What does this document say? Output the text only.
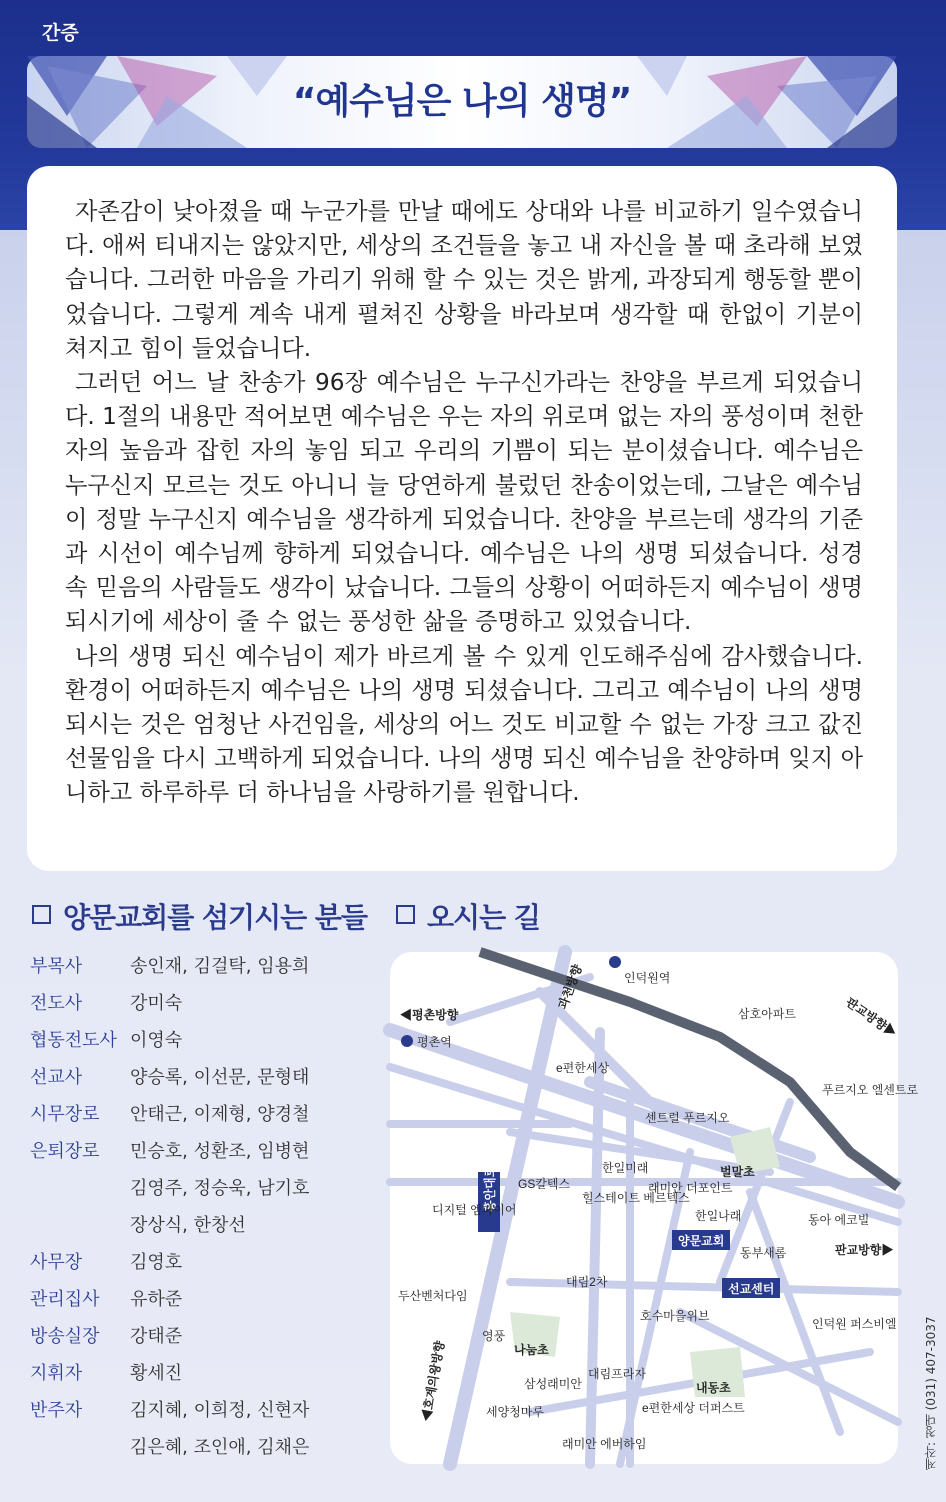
간증
“예수님은 나의 생명”

자존감이 낮아졌을 때 누군가를 만날 때에도 상대와 나를 비교하기 일수였습니다. 애써 티내지는 않았지만, 세상의 조건들을 놓고 내 자신을 볼 때 초라해 보였습니다. 그러한 마음을 가리기 위해 할 수 있는 것은 밝게, 과장되게 행동할 뿐이었습니다. 그렇게 계속 내게 펼쳐진 상황을 바라보며 생각할 때 한없이 기분이 쳐지고 힘이 들었습니다.

그러던 어느 날 찬송가 96장 예수님은 누구신가라는 찬양을 부르게 되었습니다. 1절의 내용만 적어보면 예수님은 우는 자의 위로며 없는 자의 풍성이며 천한 자의 높음과 잡힌 자의 놓임 되고 우리의 기쁨이 되는 분이셨습니다. 예수님은 누구신지 모르는 것도 아니니 늘 당연하게 불렀던 찬송이었는데, 그날은 예수님이 정말 누구신지 예수님을 생각하게 되었습니다. 찬양을 부르는데 생각의 기준과 시선이 예수님께 향하게 되었습니다. 예수님은 나의 생명 되셨습니다. 성경 속 믿음의 사람들도 생각이 났습니다. 그들의 상황이 어떠하든지 예수님이 생명 되시기에 세상이 줄 수 없는 풍성한 삶을 증명하고 있었습니다.

나의 생명 되신 예수님이 제가 바르게 볼 수 있게 인도해주심에 감사했습니다. 환경이 어떠하든지 예수님은 나의 생명 되셨습니다. 그리고 예수님이 나의 생명 되시는 것은 엄청난 사건임을, 세상의 어느 것도 비교할 수 없는 가장 크고 값진 선물임을 다시 고백하게 되었습니다. 나의 생명 되신 예수님을 찬양하며 잊지 아니하고 하루하루 더 하나님을 사랑하기를 원합니다.

양문교회를 섬기시는 분들	오시는 길
부목사	송인재, 김걸탁, 임용희
전도사	강미숙
협동전도사 이영숙
선교사	양승록, 이선문, 문형태
시무장로 안태근, 이제형, 양경철
은퇴장로 민승호, 성환조, 임병현
김영주, 정승욱, 남기호
장상식, 한창선
사무장	김영호
관리집사 유하준
방송실장 강태준
지휘자	황세진
반주자	김지혜, 이희정, 신현자
김은혜, 조인애, 김채은
인덕원역
과천방향
◀평촌방향
평촌역
삼호아파트	판교방향▶
학의천
e편한세상
푸르지오 엘센트로
센트럴 푸르지오
한일미래	벌말초
GS칼텍스
흥안대로
디지털 엠파이어
힐스테이트 베르텍스
래미안 더포인트
한일나래	동아 에코빌
양문교회
동부새롬	판교방향▶
대림2차	선교센터
두산벤처다임
호수마을위브
인덕원 퍼스비엘
영풍
나눔초
대림프라자
삼성래미안
◀호계의왕방향	세양청마루	e편한세상 더퍼스트
내동초
래미안 에버하임	제작: 청대 (031) 407-3037
